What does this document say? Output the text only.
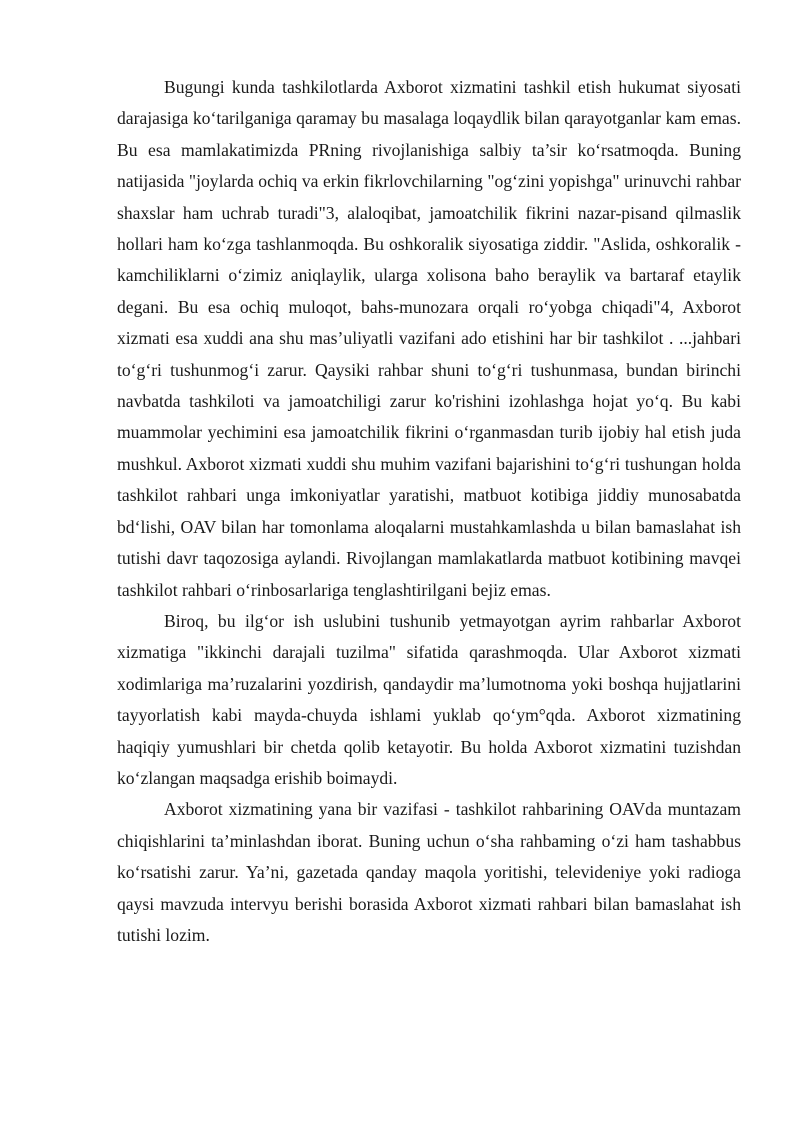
Bugungi kunda tashkilotlarda Axborot xizmatini tashkil etish hukumat siyosati darajasiga ko‘tarilganiga qaramay bu masalaga loqaydlik bilan qarayotganlar kam emas. Bu esa mamlakatimizda PRning rivojlanishiga salbiy ta’sir ko‘rsatmoqda. Buning natijasida "joylarda ochiq va erkin fikrlovchilarning "og‘zini yopishga" urinuvchi rahbar shaxslar ham uchrab turadi"3, alaloqibat, jamoatchilik fikrini nazar-pisand qilmaslik hollari ham ko‘zga tashlanmoqda. Bu oshkoralik siyosatiga ziddir. "Aslida, oshkoralik - kamchiliklarni o‘zimiz aniqlaylik, ularga xolisona baho beraylik va bartaraf etaylik degani. Bu esa ochiq muloqot, bahs-munozara orqali ro‘yobga chiqadi"4, Axborot xizmati esa xuddi ana shu mas’uliyatli vazifani ado etishini har bir tashkilot . ...jahbari to‘g‘ri tushunmog‘i zarur. Qaysiki rahbar shuni to‘g‘ri tushunmasa, bundan birinchi navbatda tashkiloti va jamoatchiligi zarur ko'rishini izohlashga hojat yo‘q. Bu kabi muammolar yechimini esa jamoatchilik fikrini o‘rganmasdan turib ijobiy hal etish juda mushkul. Axborot xizmati xuddi shu muhim vazifani bajarishini to‘g‘ri tushungan holda tashkilot rahbari unga imkoniyatlar yaratishi, matbuot kotibiga jiddiy munosabatda bd‘lishi, OAV bilan har tomonlama aloqalarni mustahkamlashda u bilan bamaslahat ish tutishi davr taqozosiga aylandi. Rivojlangan mamlakatlarda matbuot kotibining mavqei tashkilot rahbari o‘rinbosarlariga tenglashtirilgani bejiz emas.

Biroq, bu ilg‘or ish uslubini tushunib yetmayotgan ayrim rahbarlar Axborot xizmatiga "ikkinchi darajali tuzilma" sifatida qarashmoqda. Ular Axborot xizmati xodimlariga ma’ruzalarini yozdirish, qandaydir ma’lumotnoma yoki boshqa hujjatlarini tayyorlatish kabi mayda-chuyda ishlami yuklab qo‘ym°qda. Axborot xizmatining haqiqiy yumushlari bir chetda qolib ketayotir. Bu holda Axborot xizmatini tuzishdan ko‘zlangan maqsadga erishib boimaydi.

Axborot xizmatining yana bir vazifasi - tashkilot rahbarining OAVda muntazam chiqishlarini ta’minlashdan iborat. Buning uchun o‘sha rahbaming o‘zi ham tashabbus ko‘rsatishi zarur. Ya’ni, gazetada qanday maqola yoritishi, televideniye yoki radioga qaysi mavzuda intervyu berishi borasida Axborot xizmati rahbari bilan bamaslahat ish tutishi lozim.
